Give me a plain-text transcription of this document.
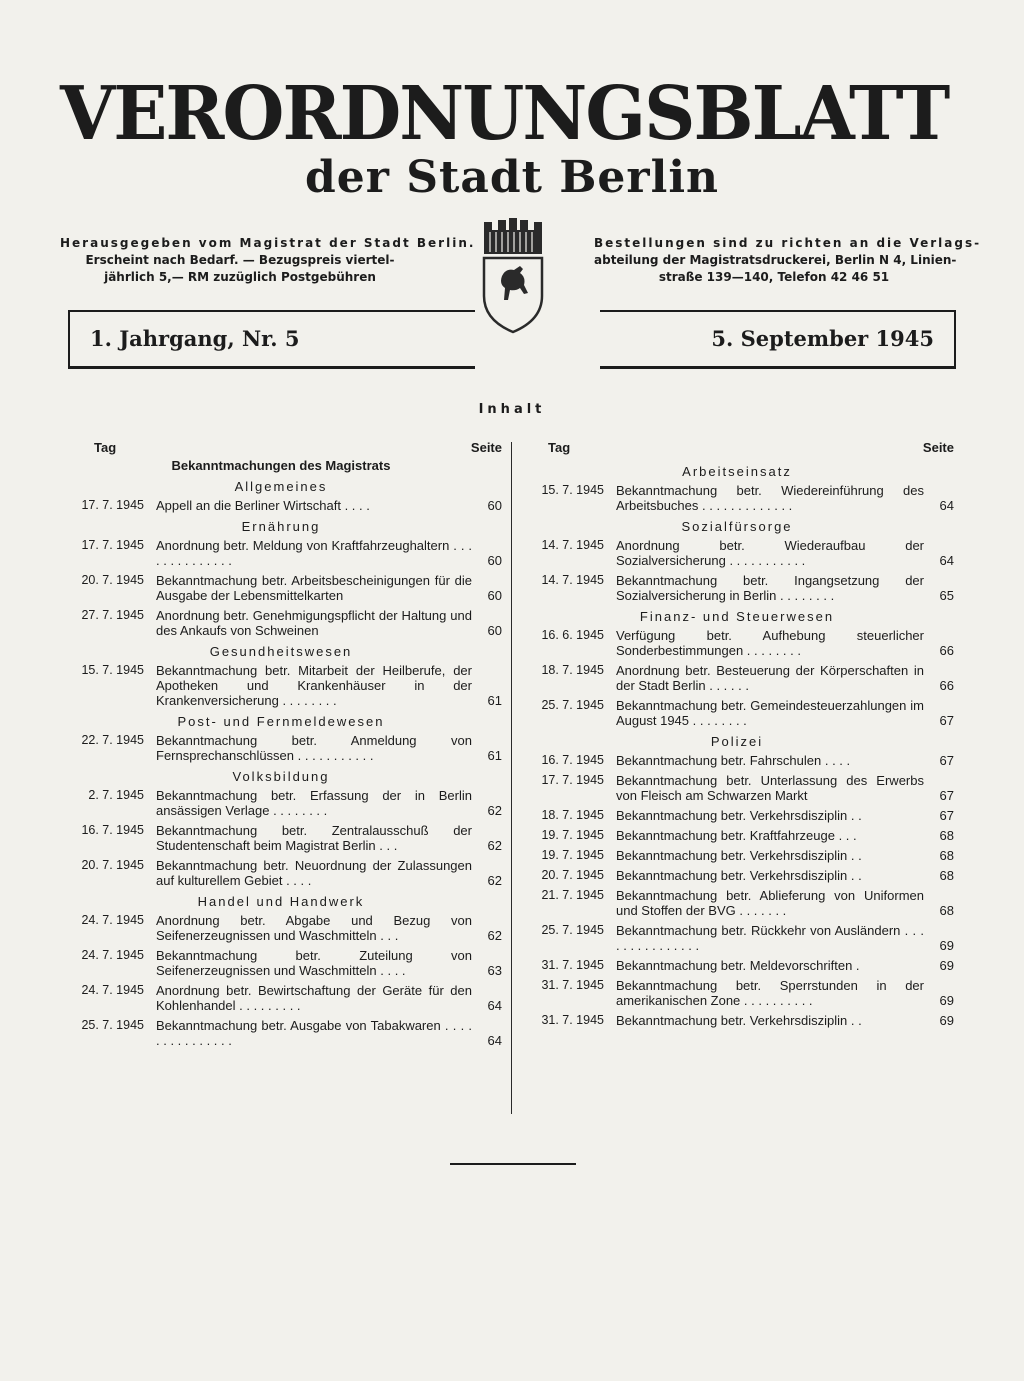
VERORDNUNGSBLATT
der Stadt Berlin
Herausgegeben vom Magistrat der Stadt Berlin.
Erscheint nach Bedarf. — Bezugspreis viertel-
jährlich 5,— RM zuzüglich Postgebühren
Bestellungen sind zu richten an die Verlags-
abteilung der Magistratsdruckerei, Berlin N 4, Linien-
straße 139—140, Telefon 42 46 51
1. Jahrgang, Nr. 5	5. September 1945
Inhalt
Tag	Seite
Bekanntmachungen des Magistrats
Allgemeines
17. 7. 1945 Appell an die Berliner Wirtschaft . . . .	60
Ernährung
17. 7. 1945 Anordnung betr. Meldung von Kraftfahrzeughaltern . . . . . . . . . . . . . .	60
20. 7. 1945 Bekanntmachung betr. Arbeitsbescheinigungen für die Ausgabe der Lebensmittelkarten	60
27. 7. 1945 Anordnung betr. Genehmigungspflicht der Haltung und des Ankaufs von Schweinen	60
Gesundheitswesen
15. 7. 1945 Bekanntmachung betr. Mitarbeit der Heilberufe, der Apotheken und Krankenhäuser in der Krankenversicherung . . . . . . . .	61
Post- und Fernmeldewesen
22. 7. 1945 Bekanntmachung betr. Anmeldung von Fernsprechanschlüssen . . . . . . . . . . .	61
Volksbildung
2. 7. 1945 Bekanntmachung betr. Erfassung der in Berlin ansässigen Verlage . . . . . . . .	62
16. 7. 1945 Bekanntmachung betr. Zentralausschuß der Studentenschaft beim Magistrat Berlin . . .	62
20. 7. 1945 Bekanntmachung betr. Neuordnung der Zulassungen auf kulturellem Gebiet . . . .	62
Handel und Handwerk
24. 7. 1945 Anordnung betr. Abgabe und Bezug von Seifenerzeugnissen und Waschmitteln . . .	62
24. 7. 1945 Bekanntmachung betr. Zuteilung von Seifenerzeugnissen und Waschmitteln . . . .	63
24. 7. 1945 Anordnung betr. Bewirtschaftung der Geräte für den Kohlenhandel . . . . . . . . .	64
25. 7. 1945 Bekanntmachung betr. Ausgabe von Tabakwaren . . . . . . . . . . . . . . .	64
Tag	Seite
Arbeitseinsatz
15. 7. 1945 Bekanntmachung betr. Wiedereinführung des Arbeitsbuches . . . . . . . . . . . . .	64
Sozialfürsorge
14. 7. 1945 Anordnung betr. Wiederaufbau der Sozialversicherung . . . . . . . . . . .	64
14. 7. 1945 Bekanntmachung betr. Ingangsetzung der Sozialversicherung in Berlin . . . . . . . .	65
Finanz- und Steuerwesen
16. 6. 1945 Verfügung betr. Aufhebung steuerlicher Sonderbestimmungen . . . . . . . .	66
18. 7. 1945 Anordnung betr. Besteuerung der Körperschaften in der Stadt Berlin . . . . . .	66
25. 7. 1945 Bekanntmachung betr. Gemeindesteuerzahlungen im August 1945 . . . . . . . .	67
Polizei
16. 7. 1945 Bekanntmachung betr. Fahrschulen . . . .	67
17. 7. 1945 Bekanntmachung betr. Unterlassung des Erwerbs von Fleisch am Schwarzen Markt	67
18. 7. 1945 Bekanntmachung betr. Verkehrsdisziplin . .	67
19. 7. 1945 Bekanntmachung betr. Kraftfahrzeuge . . .	68
19. 7. 1945 Bekanntmachung betr. Verkehrsdisziplin . .	68
20. 7. 1945 Bekanntmachung betr. Verkehrsdisziplin . .	68
21. 7. 1945 Bekanntmachung betr. Ablieferung von Uniformen und Stoffen der BVG . . . . . . .	68
25. 7. 1945 Bekanntmachung betr. Rückkehr von Ausländern . . . . . . . . . . . . . . .	69
31. 7. 1945 Bekanntmachung betr. Meldevorschriften .	69
31. 7. 1945 Bekanntmachung betr. Sperrstunden in der amerikanischen Zone . . . . . . . . . .	69
31. 7. 1945 Bekanntmachung betr. Verkehrsdisziplin . .	69
